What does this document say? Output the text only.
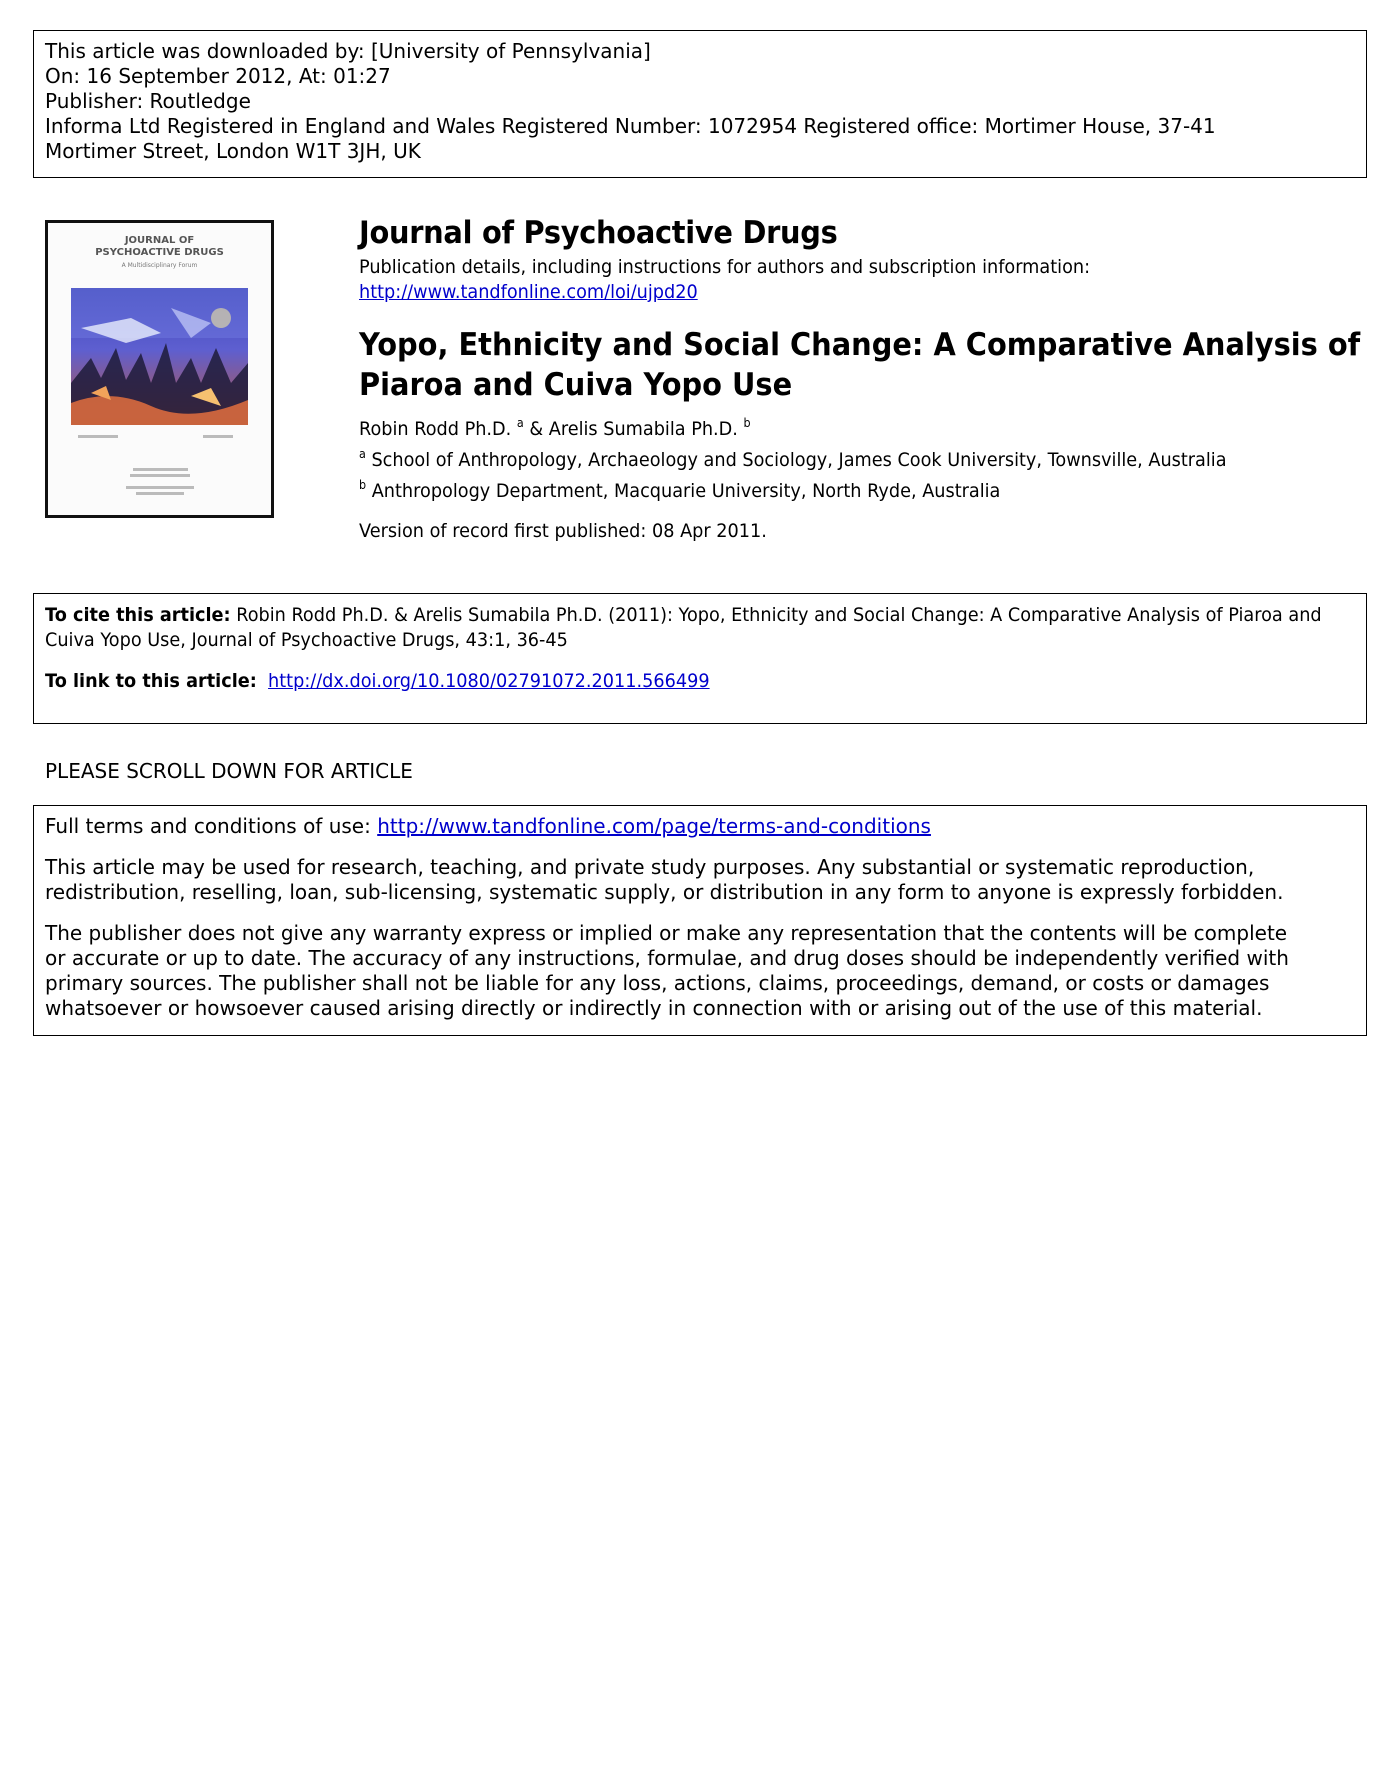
This article was downloaded by: [University of Pennsylvania]
On: 16 September 2012, At: 01:27
Publisher: Routledge
Informa Ltd Registered in England and Wales Registered Number: 1072954 Registered office: Mortimer House, 37-41
Mortimer Street, London W1T 3JH, UK
JOURNAL OF
PSYCHOACTIVE DRUGS
A Multidisciplinary Forum
Journal of Psychoactive Drugs
Publication details, including instructions for authors and subscription information:
http://www.tandfonline.com/loi/ujpd20
Yopo, Ethnicity and Social Change: A Comparative Analysis of
Piaroa and Cuiva Yopo Use
Robin Rodd Ph.D. $^a$ & Arelis Sumabila Ph.D. $^b$
$^a$ School of Anthropology, Archaeology and Sociology, James Cook University, Townsville, Australia
$^b$ Anthropology Department, Macquarie University, North Ryde, Australia
Version of record first published: 08 Apr 2011.
To cite this article: Robin Rodd Ph.D. & Arelis Sumabila Ph.D. (2011): Yopo, Ethnicity and Social Change: A Comparative Analysis of Piaroa and Cuiva Yopo Use, Journal of Psychoactive Drugs, 43:1, 36-45
To link to this article: http://dx.doi.org/10.1080/02791072.2011.566499
PLEASE SCROLL DOWN FOR ARTICLE

Full terms and conditions of use: http://www.tandfonline.com/page/terms-and-conditions

This article may be used for research, teaching, and private study purposes. Any substantial or systematic reproduction,
redistribution, reselling, loan, sub-licensing, systematic supply, or distribution in any form to anyone is expressly forbidden.

The publisher does not give any warranty express or implied or make any representation that the contents will be complete
or accurate or up to date. The accuracy of any instructions, formulae, and drug doses should be independently verified with
primary sources. The publisher shall not be liable for any loss, actions, claims, proceedings, demand, or costs or damages
whatsoever or howsoever caused arising directly or indirectly in connection with or arising out of the use of this material.
